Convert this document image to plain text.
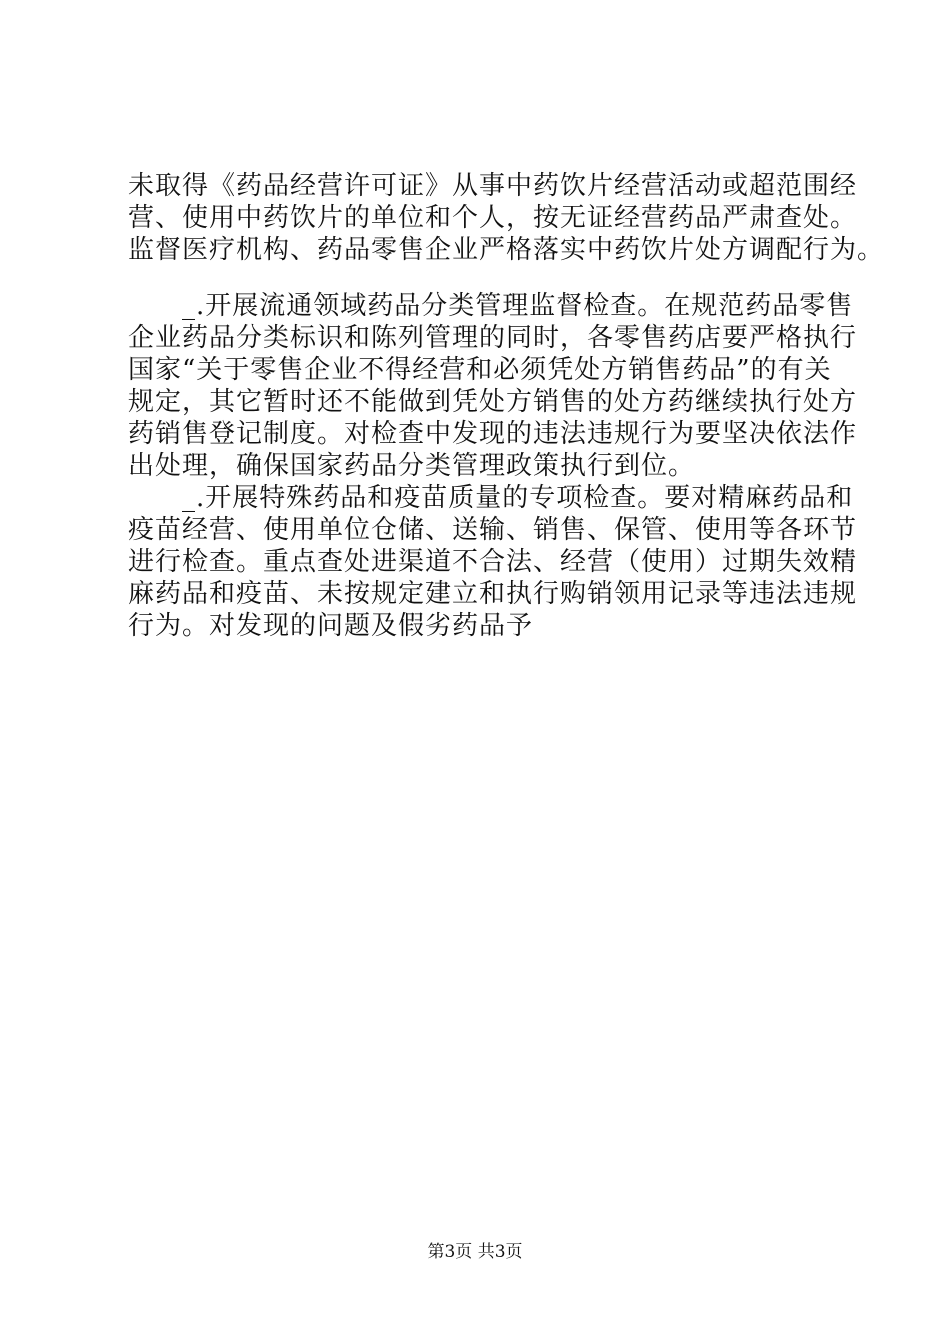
未取得《药品经营许可证》从事中药饮片经营活动或超范围经
营、使用中药饮片的单位和个人，按无证经营药品严肃查处。
监督医疗机构、药品零售企业严格落实中药饮片处方调配行为。
　　_.开展流通领域药品分类管理监督检查。在规范药品零售
企业药品分类标识和陈列管理的同时，各零售药店要严格执行
国家“关于零售企业不得经营和必须凭处方销售药品”的有关
规定，其它暂时还不能做到凭处方销售的处方药继续执行处方
药销售登记制度。对检查中发现的违法违规行为要坚决依法作
出处理，确保国家药品分类管理政策执行到位。
　　_.开展特殊药品和疫苗质量的专项检查。要对精麻药品和
疫苗经营、使用单位仓储、送输、销售、保管、使用等各环节
进行检查。重点查处进渠道不合法、经营（使用）过期失效精
麻药品和疫苗、未按规定建立和执行购销领用记录等违法违规
行为。对发现的问题及假劣药品予
第3页 共3页
